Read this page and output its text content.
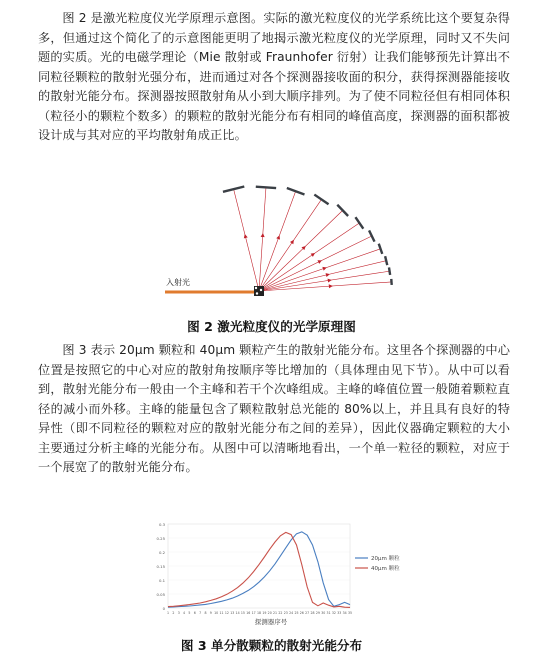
图 2 是激光粒度仪光学原理示意图。实际的激光粒度仪的光学系统比这个要复杂得多，但通过这个简化了的示意图能更明了地揭示激光粒度仪的光学原理，同时又不失问题的实质。光的电磁学理论（Mie 散射或 Fraunhofer 衍射）让我们能够预先计算出不同粒径颗粒的散射光强分布，进而通过对各个探测器接收面的积分，获得探测器能接收的散射光能分布。探测器按照散射角从小到大顺序排列。为了使不同粒径但有相同体积（粒径小的颗粒个数多）的颗粒的散射光能分布有相同的峰值高度，探测器的面积都被设计成与其对应的平均散射角成正比。

入射光

图 2 激光粒度仪的光学原理图

图 3 表示 20μm 颗粒和 40μm 颗粒产生的散射光能分布。这里各个探测器的中心位置是按照它的中心对应的散射角按顺序等比增加的（具体理由见下节）。从中可以看到，散射光能分布一般由一个主峰和若干个次峰组成。主峰的峰值位置一般随着颗粒直径的减小而外移。主峰的能量包含了颗粒散射总光能的 80%以上，并且具有良好的特异性（即不同粒径的颗粒对应的散射光能分布之间的差异），因此仪器确定颗粒的大小主要通过分析主峰的光能分布。从图中可以清晰地看出，一个单一粒径的颗粒，对应于一个展宽了的散射光能分布。

0
0.05
0.1
0.15
0.2
0.25
0.3
1 2 3 4 5 6 7 8 9 10 11 12 13 14 15 16 17 18 19 20 21 22 23 24 25 26 27 28 29 30 31 32 33 34 35
探测器序号
20μm 颗粒
40μm 颗粒

图 3 单分散颗粒的散射光能分布
